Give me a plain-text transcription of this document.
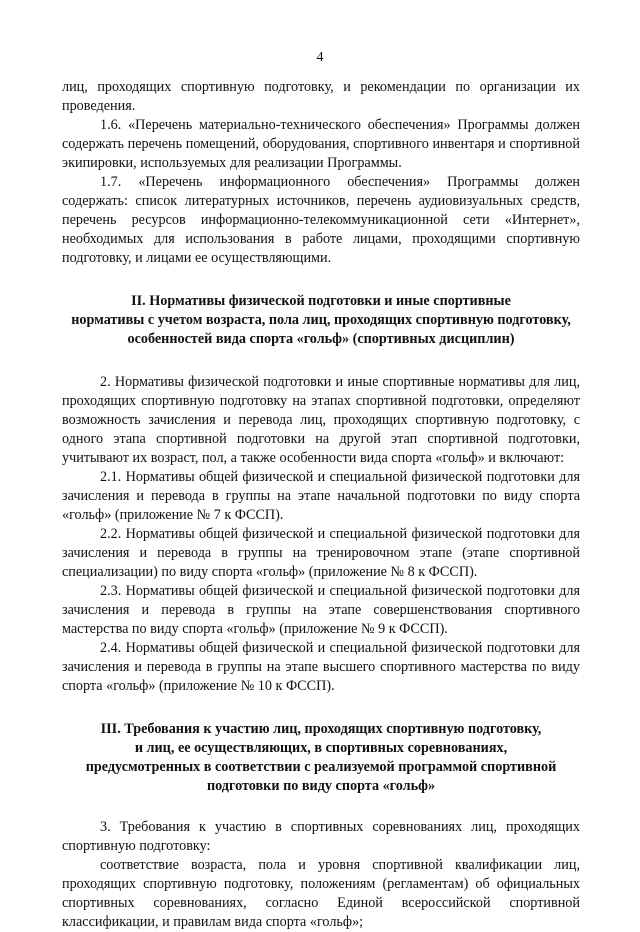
4

лиц, проходящих спортивную подготовку, и рекомендации по организации их проведения.

1.6. «Перечень материально-технического обеспечения» Программы должен содержать перечень помещений, оборудования, спортивного инвентаря и спортивной экипировки, используемых для реализации Программы.

1.7. «Перечень информационного обеспечения» Программы должен содержать: список литературных источников, перечень аудиовизуальных средств, перечень ресурсов информационно-телекоммуникационной сети «Интернет», необходимых для использования в работе лицами, проходящими спортивную подготовку, и лицами ее осуществляющими.

II. Нормативы физической подготовки и иные спортивные
нормативы с учетом возраста, пола лиц, проходящих спортивную подготовку,
особенностей вида спорта «гольф» (спортивных дисциплин)

2. Нормативы физической подготовки и иные спортивные нормативы для лиц, проходящих спортивную подготовку на этапах спортивной подготовки, определяют возможность зачисления и перевода лиц, проходящих спортивную подготовку, с одного этапа спортивной подготовки на другой этап спортивной подготовки, учитывают их возраст, пол, а также особенности вида спорта «гольф» и включают:

2.1. Нормативы общей физической и специальной физической подготовки для зачисления и перевода в группы на этапе начальной подготовки по виду спорта «гольф» (приложение № 7 к ФССП).

2.2. Нормативы общей физической и специальной физической подготовки для зачисления и перевода в группы на тренировочном этапе (этапе спортивной специализации) по виду спорта «гольф» (приложение № 8 к ФССП).

2.3. Нормативы общей физической и специальной физической подготовки для зачисления и перевода в группы на этапе совершенствования спортивного мастерства по виду спорта «гольф» (приложение № 9 к ФССП).

2.4. Нормативы общей физической и специальной физической подготовки для зачисления и перевода в группы на этапе высшего спортивного мастерства по виду спорта «гольф» (приложение № 10 к ФССП).

III. Требования к участию лиц, проходящих спортивную подготовку,
и лиц, ее осуществляющих, в спортивных соревнованиях,
предусмотренных в соответствии с реализуемой программой спортивной
подготовки по виду спорта «гольф»

3. Требования к участию в спортивных соревнованиях лиц, проходящих спортивную подготовку:

соответствие возраста, пола и уровня спортивной квалификации лиц, проходящих спортивную подготовку, положениям (регламентам) об официальных спортивных соревнованиях, согласно Единой всероссийской спортивной классификации, и правилам вида спорта «гольф»;
